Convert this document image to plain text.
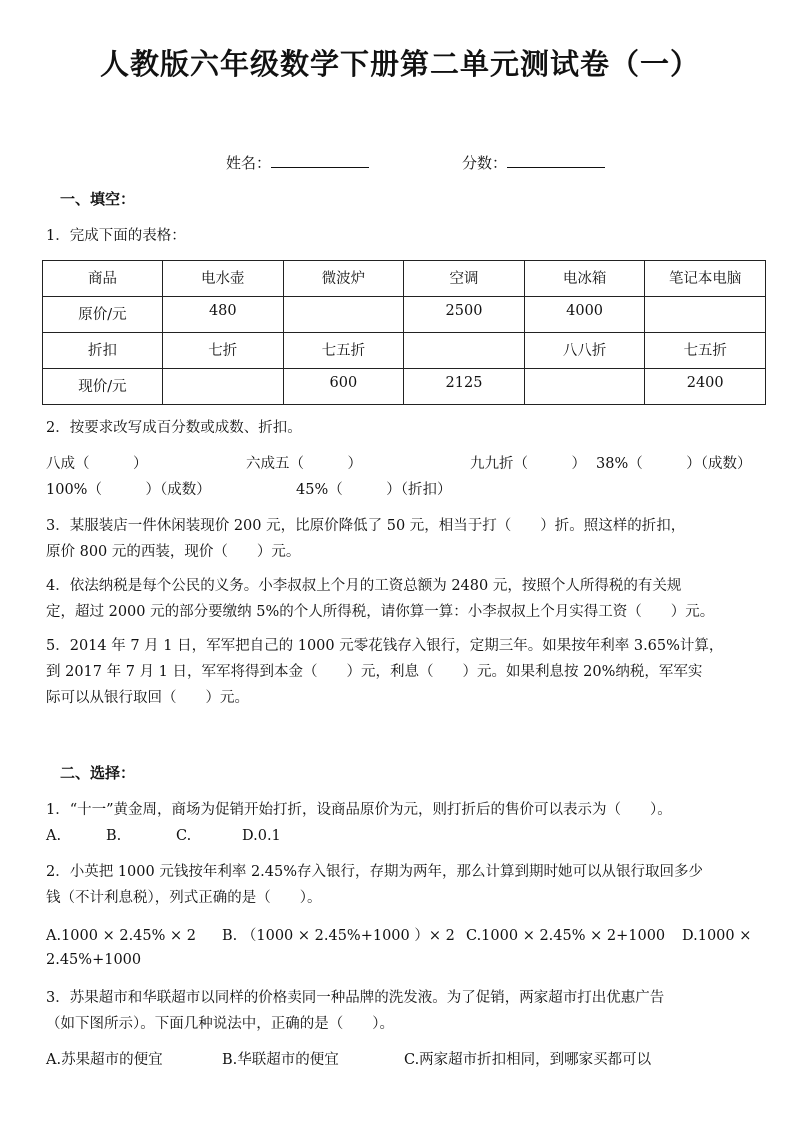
人教版六年级数学下册第二单元测试卷（一）
姓名：	分数：
一、填空：
1．完成下面的表格：
商品	电水壶	微波炉	空调	电冰箱	笔记本电脑
原价/元	480		2500	4000	
折扣	七折	七五折		八八折	七五折
现价/元		600	2125		2400
2．按要求改写成百分数或成数、折扣。
八成（　　　）	六成五（　　　）	九九折（　　　） 38%（　　　）（成数）
100%（　　　）（成数）	45%（　　　）（折扣）
3．某服装店一件休闲装现价 200 元，比原价降低了 50 元，相当于打（　　）折。照这样的折扣，
原价 800 元的西装，现价（　　）元。
4．依法纳税是每个公民的义务。小李叔叔上个月的工资总额为 2480 元，按照个人所得税的有关规
定，超过 2000 元的部分要缴纳 5%的个人所得税，请你算一算：小李叔叔上个月实得工资（　　）元。
5．2014 年 7 月 1 日，军军把自己的 1000 元零花钱存入银行，定期三年。如果按年利率 3.65%计算，
到 2017 年 7 月 1 日，军军将得到本金（　　）元，利息（　　）元。如果利息按 20%纳税，军军实
际可以从银行取回（　　）元。
二、选择：
1．“十一”黄金周，商场为促销开始打折，设商品原价为元，则打折后的售价可以表示为（　　）。
A.	B.	C.	D.0.1
2．小英把 1000 元钱按年利率 2.45%存入银行，存期为两年，那么计算到期时她可以从银行取回多少
钱（不计利息税），列式正确的是（　　）。
A.1000 × 2.45% × 2 B. （1000 × 2.45%+1000 ）× 2 C.1000 × 2.45% × 2+1000 D.1000 ×
2.45%+1000
3．苏果超市和华联超市以同样的价格卖同一种品牌的洗发液。为了促销，两家超市打出优惠广告
（如下图所示）。下面几种说法中，正确的是（　　）。
A.苏果超市的便宜	B.华联超市的便宜	C.两家超市折扣相同，到哪家买都可以
